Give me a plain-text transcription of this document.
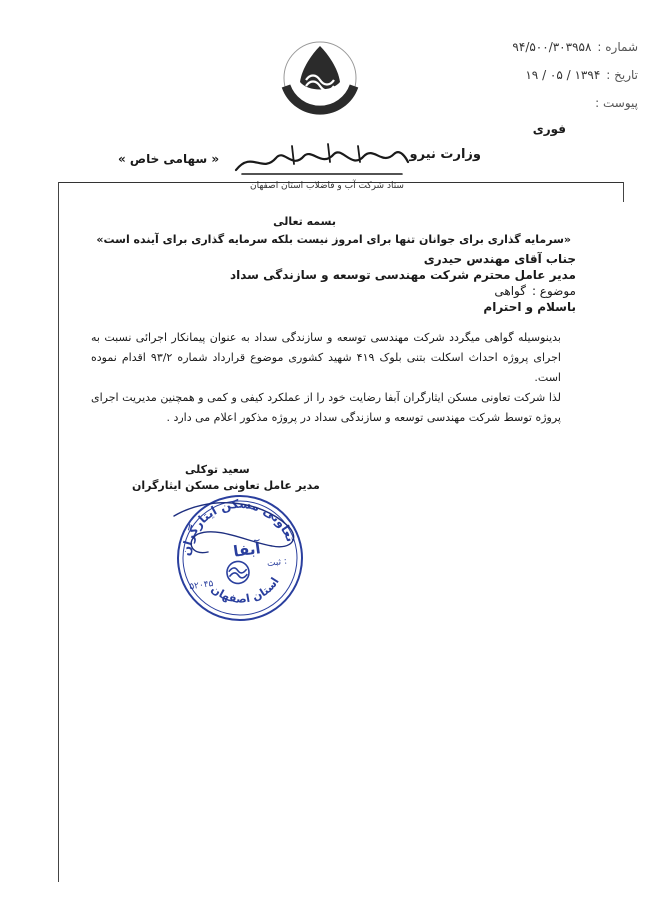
شماره :
۹۴/۵۰۰/۳۰۳۹۵۸
تاریخ :
۱۳۹۴ / ۰۵ / ۱۹
پیوست :
فوری
وزارت نیرو
« سهامی خاص »
ستاد شرکت آب و فاضلاب استان اصفهان
بسمه تعالی
«سرمایه گذاری برای جوانان تنها برای امروز نیست بلکه سرمایه گذاری برای آینده است»
جناب آقای مهندس حیدری
مدیر عامل محترم شرکت مهندسی توسعه و سازندگی سداد
موضوع :
گواهی
باسلام و احترام
بدینوسیله گواهی میگردد شرکت مهندسی توسعه و سازندگی سداد به عنوان پیمانکار اجرائی نسبت به اجرای پروژه احداث اسکلت بتنی بلوک ۴۱۹ شهید کشوری موضوع قرارداد شماره ۹۳/۲ اقدام نموده است.
لذا شرکت تعاونی مسکن ایثارگران آبفا رضایت خود را از عملکرد کیفی و کمی و همچنین مدیریت اجرای پروژه توسط شرکت مهندسی توسعه و سازندگی سداد در پروژه مذکور اعلام می دارد .
سعید توکلی
مدیر عامل تعاونی مسکن ایثارگران
تعاونی مسکن ایثارگران
آبفا
ثبت :
۵۲۰۴۵
استان اصفهان
